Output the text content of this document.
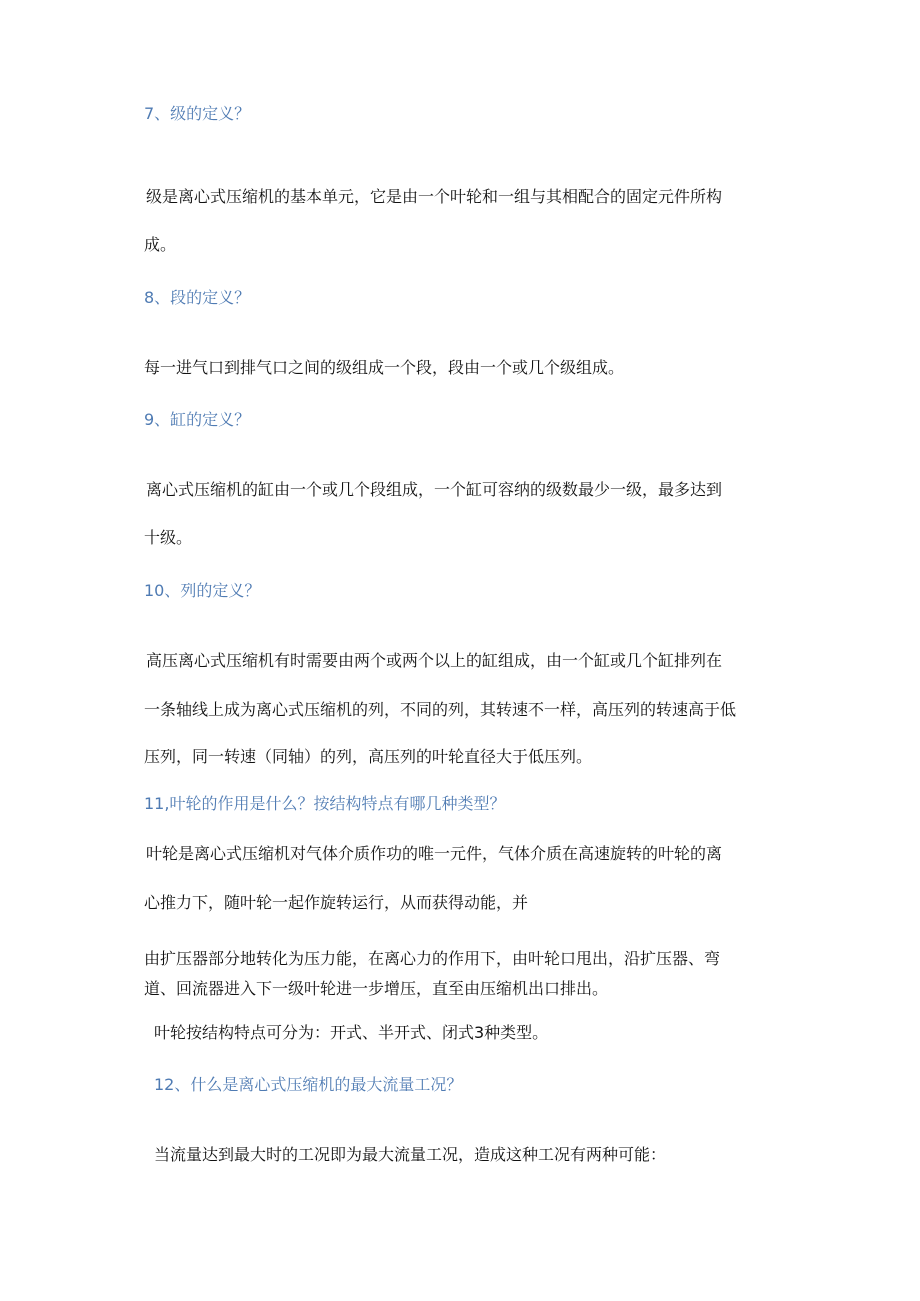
7、级的定义？

级是离心式压缩机的基本单元，它是由一个叶轮和一组与其相配合的固定元件所构

成。

8、段的定义？

每一进气口到排气口之间的级组成一个段，段由一个或几个级组成。

9、缸的定义？

离心式压缩机的缸由一个或几个段组成，一个缸可容纳的级数最少一级，最多达到

十级。

10、列的定义？

高压离心式压缩机有时需要由两个或两个以上的缸组成，由一个缸或几个缸排列在

一条轴线上成为离心式压缩机的列，不同的列，其转速不一样，高压列的转速高于低

压列，同一转速（同轴）的列，高压列的叶轮直径大于低压列。

11,叶轮的作用是什么？按结构特点有哪几种类型？

叶轮是离心式压缩机对气体介质作功的唯一元件，气体介质在高速旋转的叶轮的离

心推力下，随叶轮一起作旋转运行，从而获得动能，并

由扩压器部分地转化为压力能，在离心力的作用下，由叶轮口甩出，沿扩压器、弯

道、回流器进入下一级叶轮进一步增压，直至由压缩机出口排出。

叶轮按结构特点可分为：开式、半开式、闭式3种类型。

12、什么是离心式压缩机的最大流量工况？

当流量达到最大时的工况即为最大流量工况，造成这种工况有两种可能：
